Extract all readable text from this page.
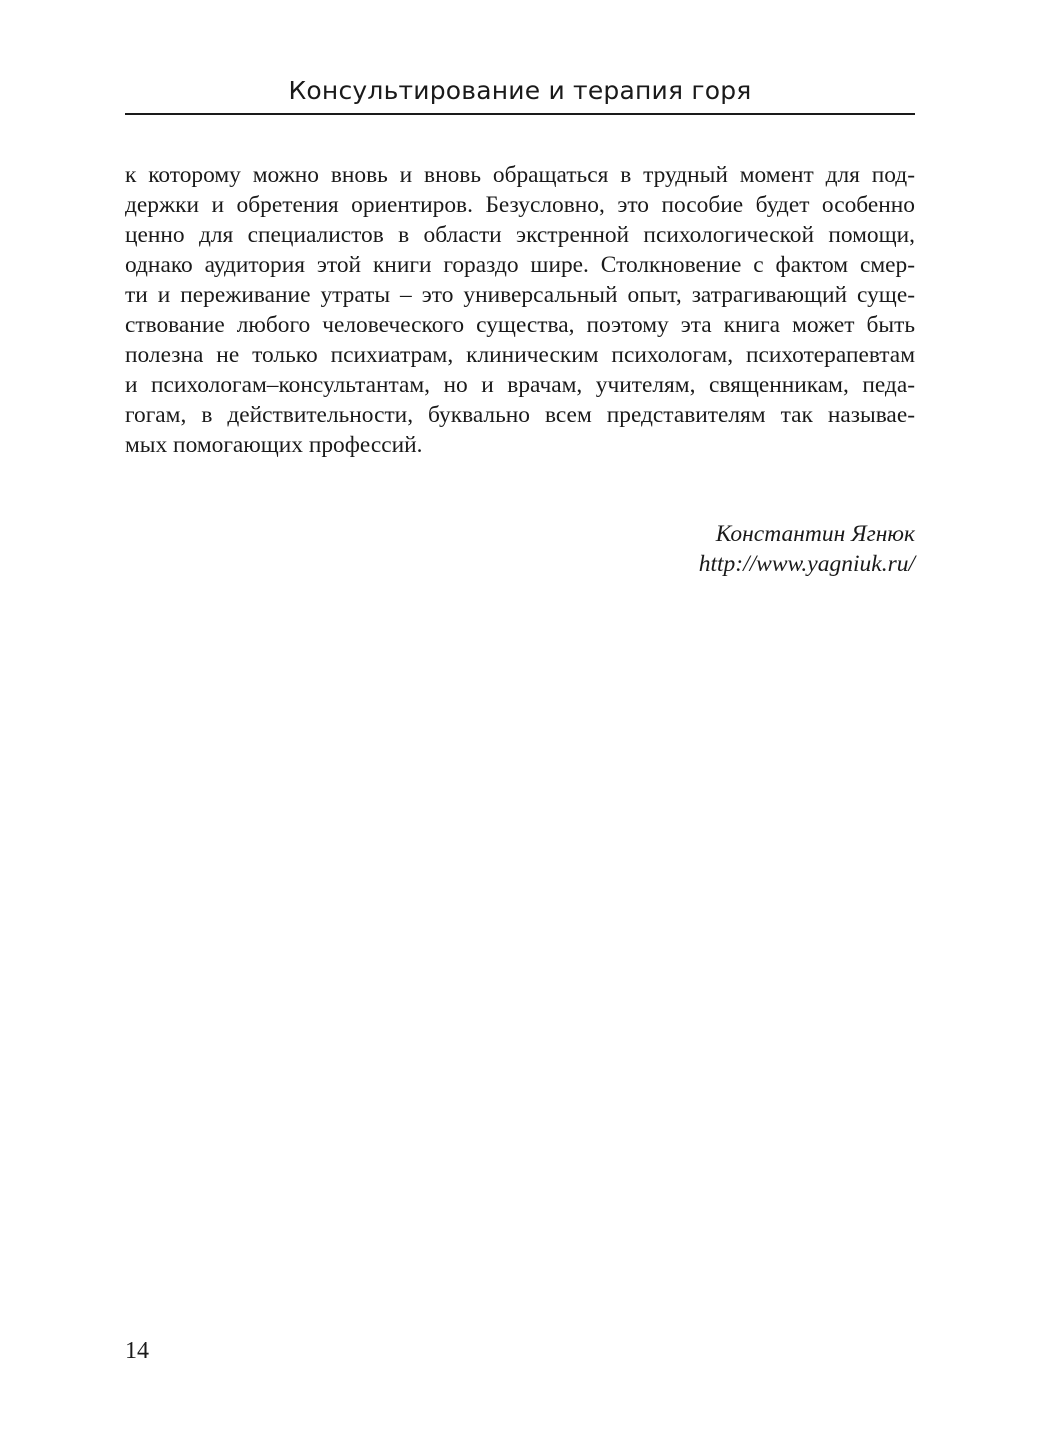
Консультирование и терапия горя
к которому можно вновь и вновь обращаться в трудный момент для под-
держки и обретения ориентиров. Безусловно, это пособие будет особенно
ценно для специалистов в области экстренной психологической помощи,
однако аудитория этой книги гораздо шире. Столкновение с фактом смер-
ти и переживание утраты – это универсальный опыт, затрагивающий суще-
ствование любого человеческого существа, поэтому эта книга может быть
полезна не только психиатрам, клиническим психологам, психотерапевтам
и психологам–консультантам, но и врачам, учителям, священникам, педа-
гогам, в действительности, буквально всем представителям так называе-
мых помогающих профессий.
Константин Ягнюк
http://www.yagniuk.ru/
14
